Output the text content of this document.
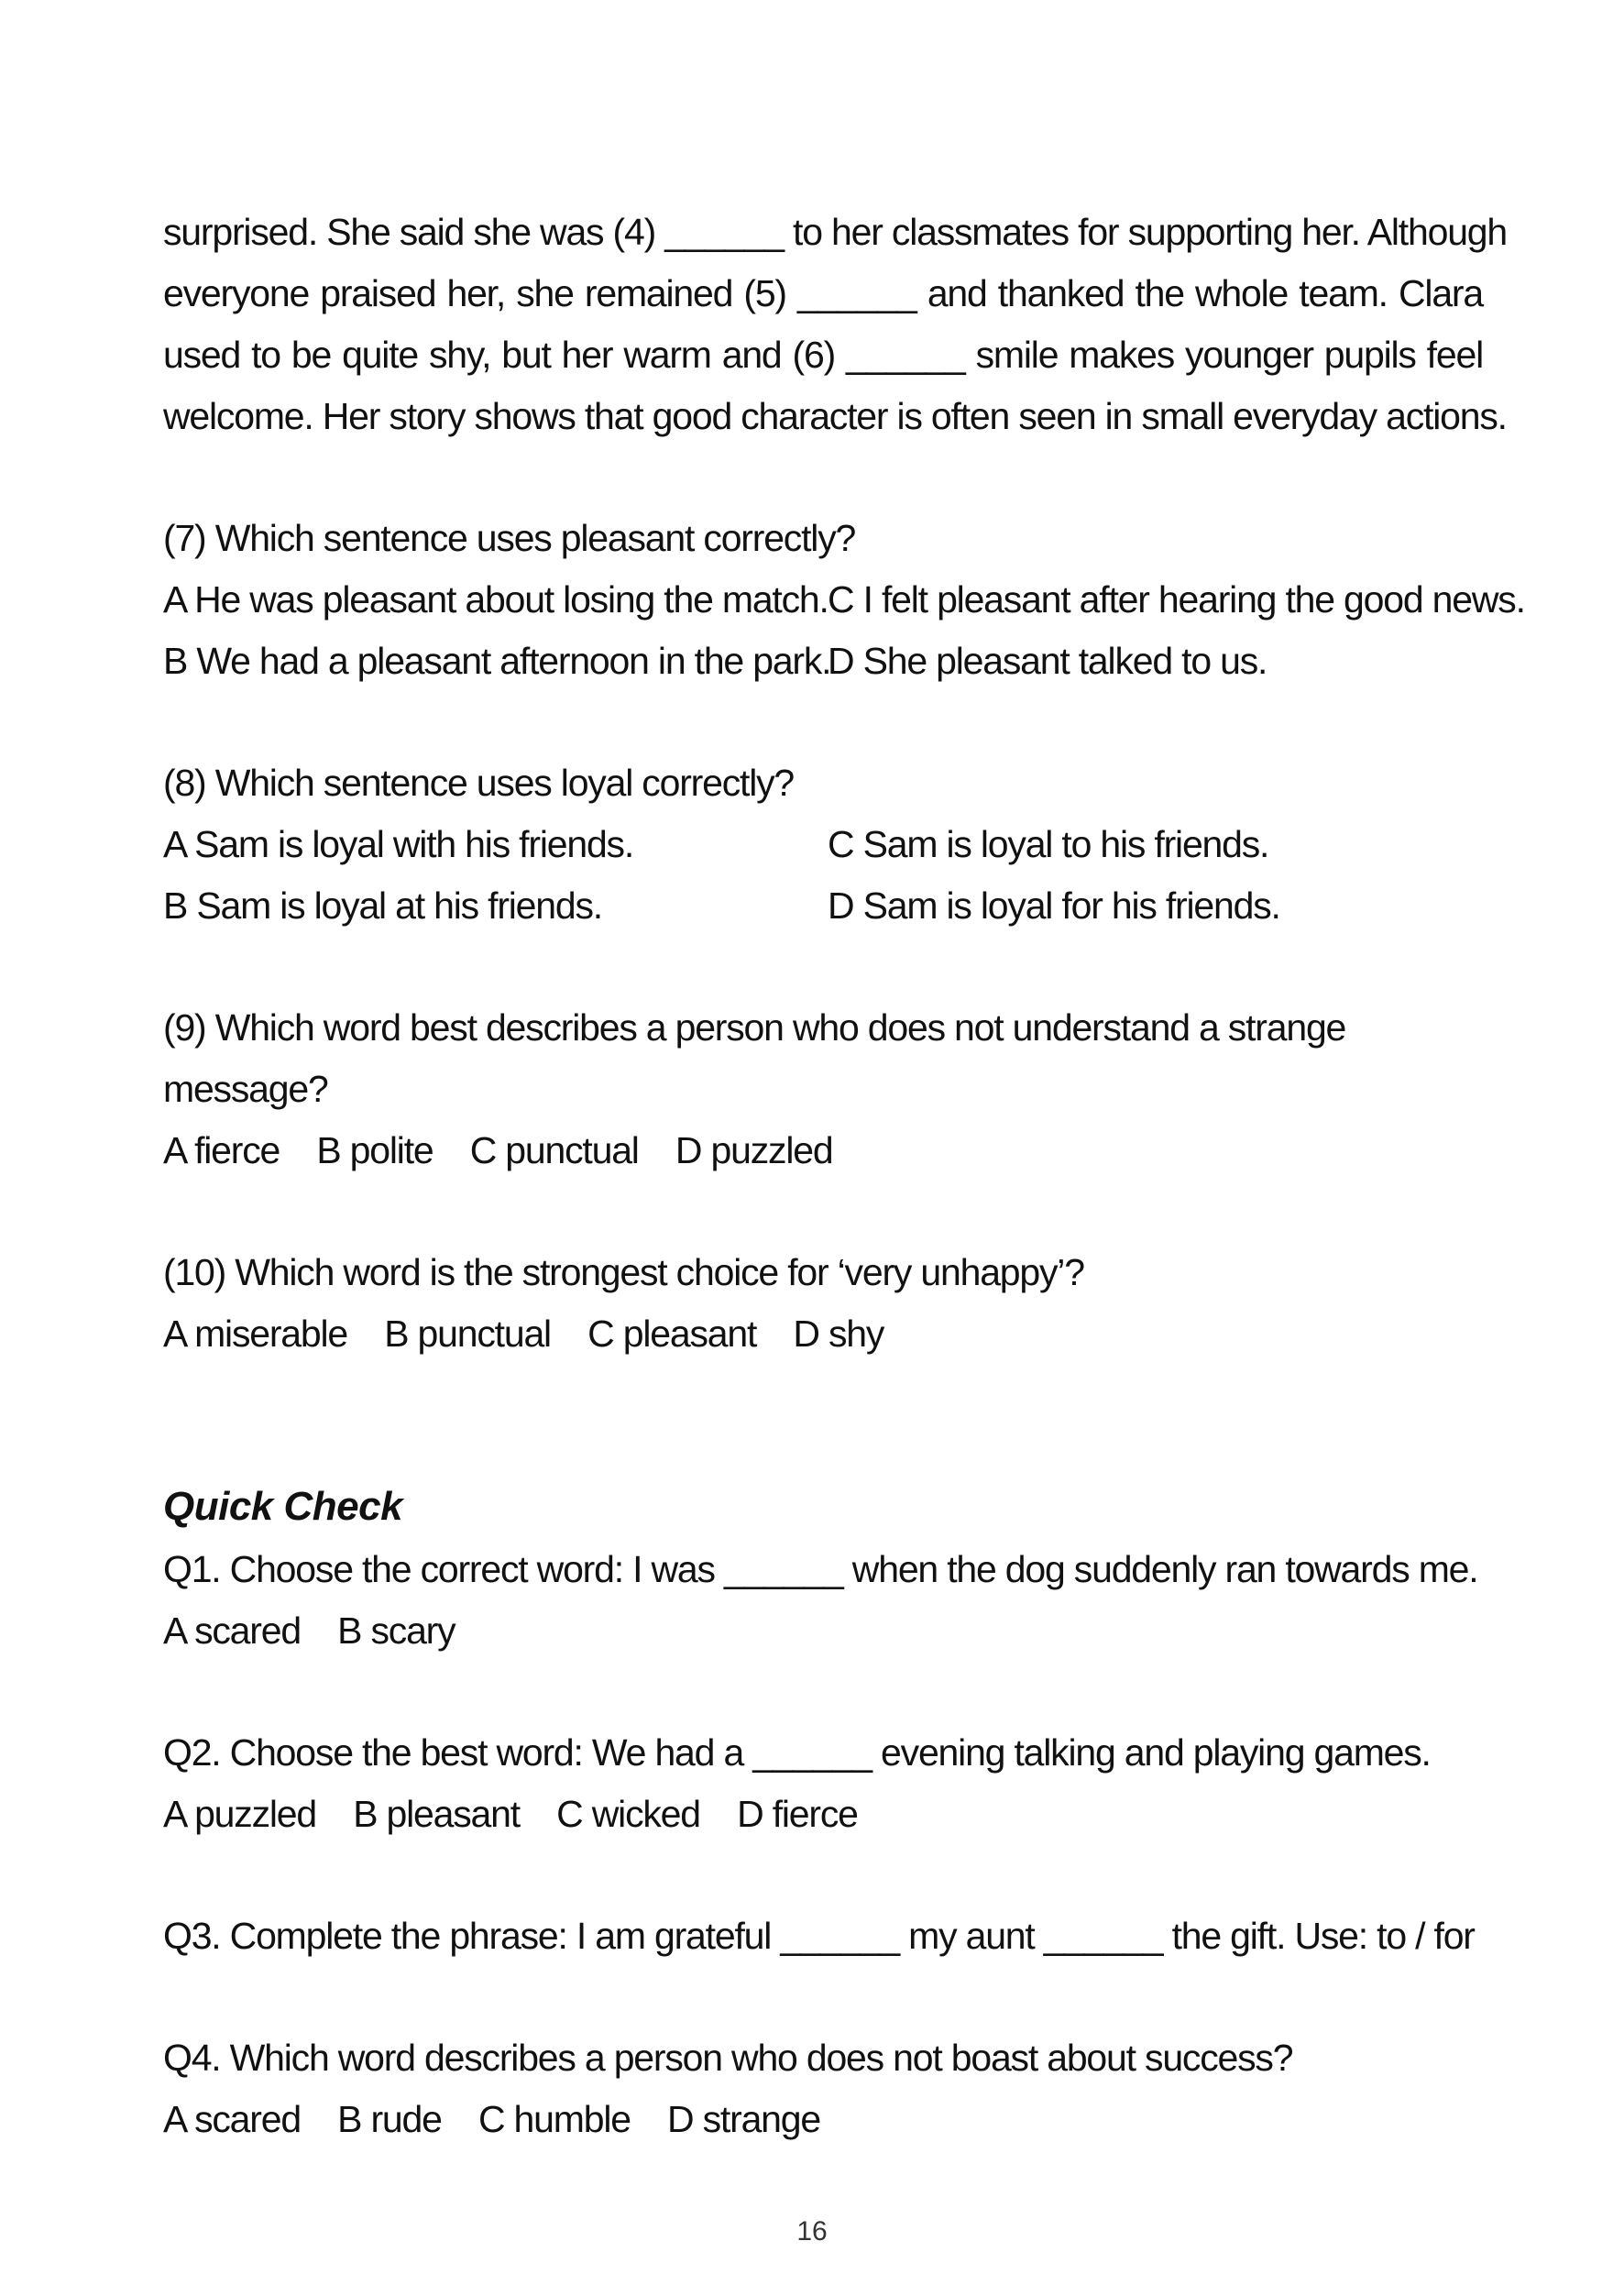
surprised. She said she was (4) ______ to her classmates for supporting her. Although
everyone praised her, she remained (5) ______ and thanked the whole team. Clara
used to be quite shy, but her warm and (6) ______ smile makes younger pupils feel
welcome. Her story shows that good character is often seen in small everyday actions.
(7) Which sentence uses pleasant correctly?
A He was pleasant about losing the match. C I felt pleasant after hearing the good news.
B We had a pleasant afternoon in the park.
D She pleasant talked to us.
(8) Which sentence uses loyal correctly?
A Sam is loyal with his friends.	C Sam is loyal to his friends.
B Sam is loyal at his friends.	D Sam is loyal for his friends.
(9) Which word best describes a person who does not understand a strange
message?
A fierce B polite C punctual D puzzled
(10) Which word is the strongest choice for ‘very unhappy’?
A miserable B punctual C pleasant D shy
Quick Check
Q1. Choose the correct word: I was ______ when the dog suddenly ran towards me.
A scared B scary
Q2. Choose the best word: We had a ______ evening talking and playing games.
A puzzled B pleasant C wicked D fierce
Q3. Complete the phrase: I am grateful ______ my aunt ______ the gift. Use: to / for
Q4. Which word describes a person who does not boast about success?
A scared B rude C humble D strange
16
